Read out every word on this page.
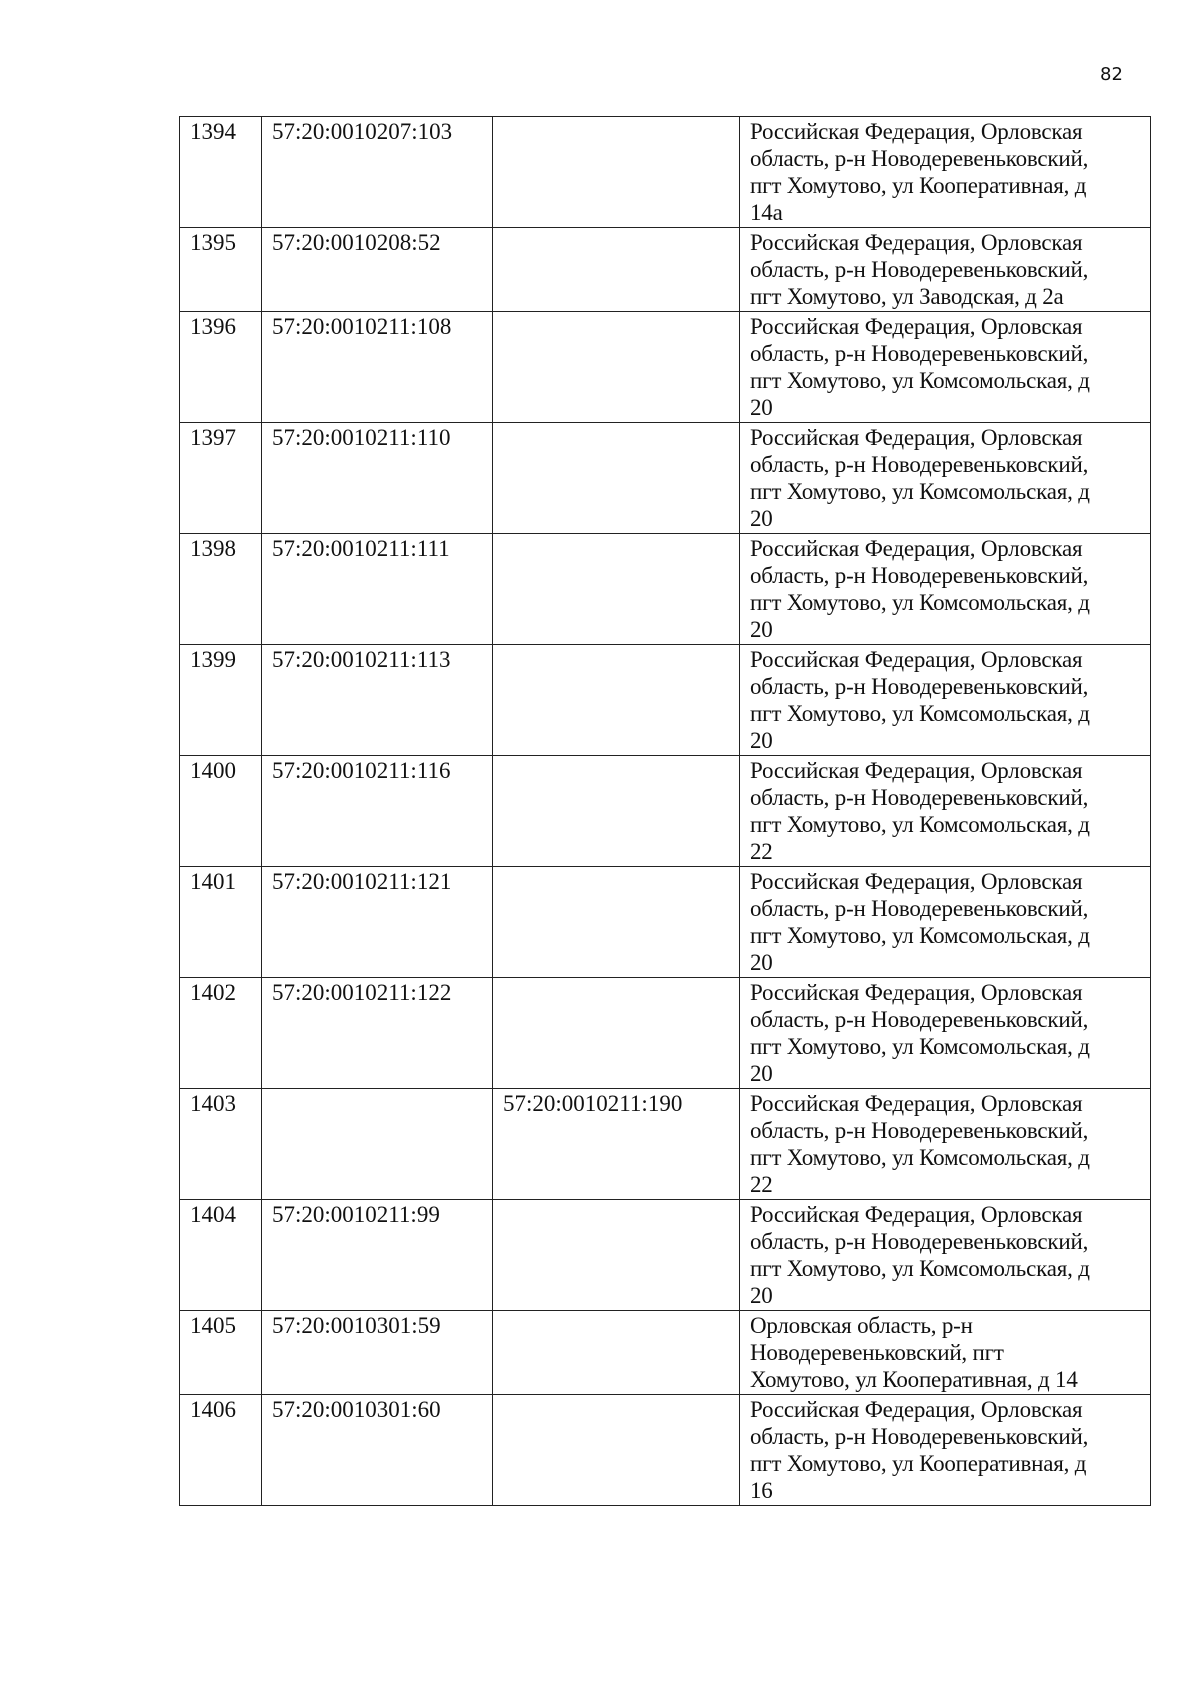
82
1394	57:20:0010207:103		Российская Федерация, Орловская
область, р-н Новодеревеньковский,
пгт Хомутово, ул Кооперативная, д
14а
1395	57:20:0010208:52		Российская Федерация, Орловская
область, р-н Новодеревеньковский,
пгт Хомутово, ул Заводская, д 2а
1396	57:20:0010211:108		Российская Федерация, Орловская
область, р-н Новодеревеньковский,
пгт Хомутово, ул Комсомольская, д
20
1397	57:20:0010211:110		Российская Федерация, Орловская
область, р-н Новодеревеньковский,
пгт Хомутово, ул Комсомольская, д
20
1398	57:20:0010211:111		Российская Федерация, Орловская
область, р-н Новодеревеньковский,
пгт Хомутово, ул Комсомольская, д
20
1399	57:20:0010211:113		Российская Федерация, Орловская
область, р-н Новодеревеньковский,
пгт Хомутово, ул Комсомольская, д
20
1400	57:20:0010211:116		Российская Федерация, Орловская
область, р-н Новодеревеньковский,
пгт Хомутово, ул Комсомольская, д
22
1401	57:20:0010211:121		Российская Федерация, Орловская
область, р-н Новодеревеньковский,
пгт Хомутово, ул Комсомольская, д
20
1402	57:20:0010211:122		Российская Федерация, Орловская
область, р-н Новодеревеньковский,
пгт Хомутово, ул Комсомольская, д
20
1403		57:20:0010211:190	Российская Федерация, Орловская
область, р-н Новодеревеньковский,
пгт Хомутово, ул Комсомольская, д
22
1404	57:20:0010211:99		Российская Федерация, Орловская
область, р-н Новодеревеньковский,
пгт Хомутово, ул Комсомольская, д
20
1405	57:20:0010301:59		Орловская область, р-н
Новодеревеньковский, пгт
Хомутово, ул Кооперативная, д 14
1406	57:20:0010301:60		Российская Федерация, Орловская
область, р-н Новодеревеньковский,
пгт Хомутово, ул Кооперативная, д
16
